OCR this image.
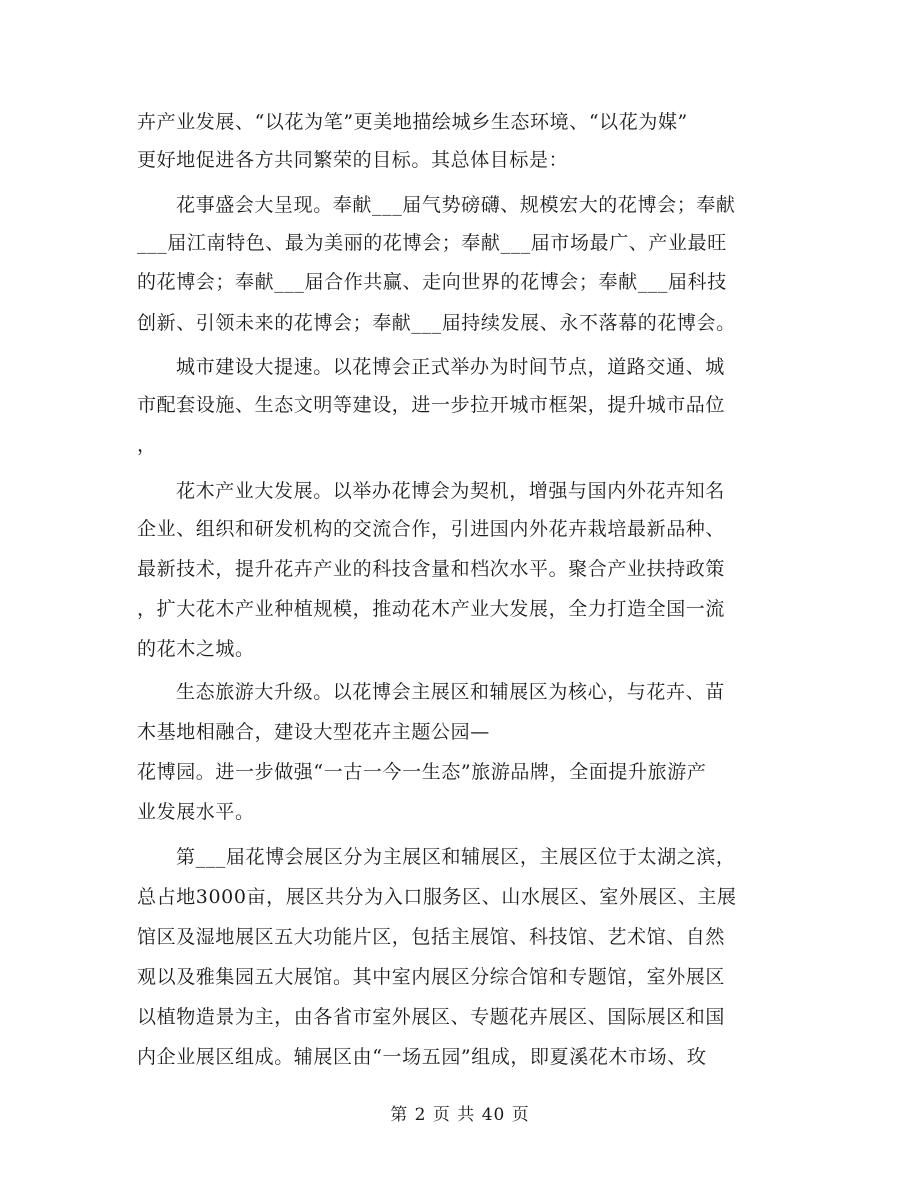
卉产业发展、“以花为笔”更美地描绘城乡生态环境、“以花为媒”
更好地促进各方共同繁荣的目标。其总体目标是：
花事盛会大呈现。奉献___届气势磅礴、规模宏大的花博会；奉献
___届江南特色、最为美丽的花博会；奉献___届市场最广、产业最旺
的花博会；奉献___届合作共赢、走向世界的花博会；奉献___届科技
创新、引领未来的花博会；奉献___届持续发展、永不落幕的花博会。
城市建设大提速。以花博会正式举办为时间节点，道路交通、城
市配套设施、生态文明等建设，进一步拉开城市框架，提升城市品位
，
花木产业大发展。以举办花博会为契机，增强与国内外花卉知名
企业、组织和研发机构的交流合作，引进国内外花卉栽培最新品种、
最新技术，提升花卉产业的科技含量和档次水平。聚合产业扶持政策
，扩大花木产业种植规模，推动花木产业大发展，全力打造全国一流
的花木之城。
生态旅游大升级。以花博会主展区和辅展区为核心，与花卉、苗
木基地相融合，建设大型花卉主题公园—
花博园。进一步做强“一古一今一生态”旅游品牌，全面提升旅游产
业发展水平。
第___届花博会展区分为主展区和辅展区，主展区位于太湖之滨，
总占地3000亩，展区共分为入口服务区、山水展区、室外展区、主展
馆区及湿地展区五大功能片区，包括主展馆、科技馆、艺术馆、自然
观以及雅集园五大展馆。其中室内展区分综合馆和专题馆，室外展区
以植物造景为主，由各省市室外展区、专题花卉展区、国际展区和国
内企业展区组成。辅展区由“一场五园”组成，即夏溪花木市场、玫
第 2 页 共 40 页
